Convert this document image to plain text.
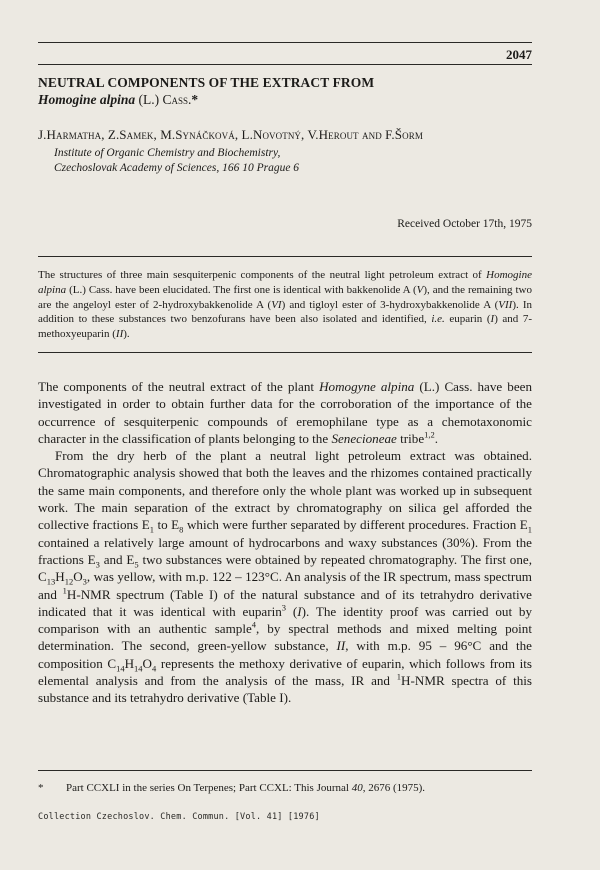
2047
NEUTRAL COMPONENTS OF THE EXTRACT FROM
Homogine alpina (L.) Cass.*
J.Harmatha, Z.Samek, M.Synáčková, L.Novotný, V.Herout and F.Šorm
Institute of Organic Chemistry and Biochemistry,
Czechoslovak Academy of Sciences, 166 10 Prague 6
Received October 17th, 1975

The structures of three main sesquiterpenic components of the neutral light petroleum extract of Homogine alpina (L.) Cass. have been elucidated. The first one is identical with bakkenolide A (V), and the remaining two are the angeloyl ester of 2-hydroxybakkenolide A (VI) and tigloyl ester of 3-hydroxybakkenolide A (VII). In addition to these substances two benzofurans have been also isolated and identified, i.e. euparin (I) and 7-methoxyeuparin (II).

The components of the neutral extract of the plant Homogyne alpina (L.) Cass. have been investigated in order to obtain further data for the corroboration of the importance of the occurrence of sesquiterpenic compounds of eremophilane type as a chemotaxonomic character in the classification of plants belonging to the Senecioneae tribe$^{1,2}$.

From the dry herb of the plant a neutral light petroleum extract was obtained. Chromatographic analysis showed that both the leaves and the rhizomes contained practically the same main components, and therefore only the whole plant was worked up in subsequent work. The main separation of the extract by chromatography on silica gel afforded the collective fractions $E_1$ to $E_8$ which were further separated by different procedures. Fraction $E_1$ contained a relatively large amount of hydrocarbons and waxy substances (30%). From the fractions $E_3$ and $E_5$ two substances were obtained by repeated chromatography. The first one, $C_{13}H_{12}O_3$, was yellow, with m.p. 122 – 123°C. An analysis of the IR spectrum, mass spectrum and $^1$H-NMR spectrum (Table I) of the natural substance and of its tetrahydro derivative indicated that it was identical with euparin$^3$ (I). The identity proof was carried out by comparison with an authentic sample$^4$, by spectral methods and mixed melting point determination. The second, green-yellow substance, II, with m.p. 95 – 96°C and the composition $C_{14}H_{14}O_4$ represents the methoxy derivative of euparin, which follows from its elemental analysis and from the analysis of the mass, IR and $^1$H-NMR spectra of this substance and its tetrahydro derivative (Table I).

* Part CCXLI in the series On Terpenes; Part CCXL: This Journal 40, 2676 (1975).
Collection Czechoslov. Chem. Commun. [Vol. 41] [1976]
